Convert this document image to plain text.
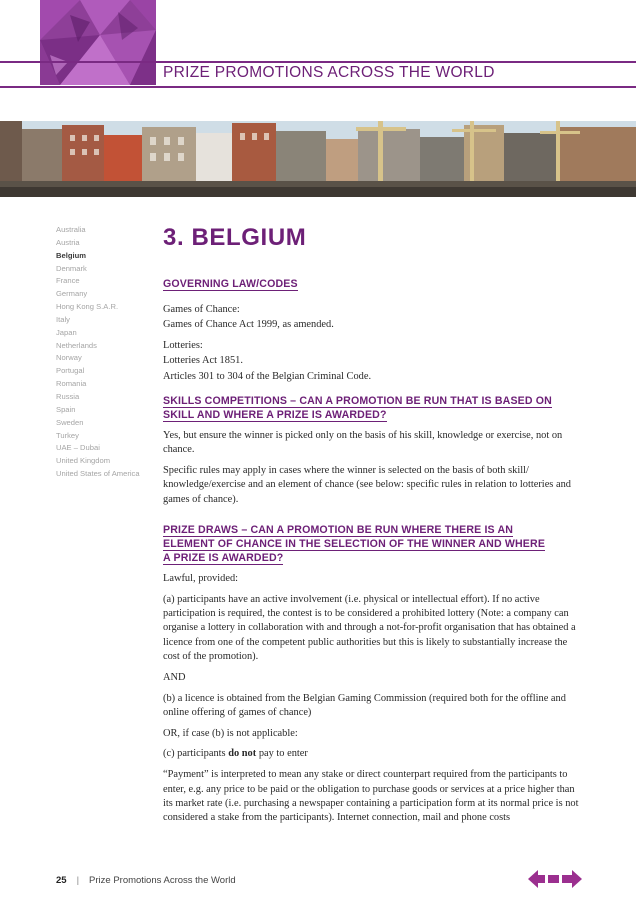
PRIZE PROMOTIONS ACROSS THE WORLD
Australia
Austria
Belgium
Denmark
France
Germany
Hong Kong S.A.R.
Italy
Japan
Netherlands
Norway
Portugal
Romania
Russia
Spain
Sweden
Turkey
UAE – Dubai
United Kingdom
United States of America
3. BELGIUM
GOVERNING LAW/CODES

Games of Chance:

Games of Chance Act 1999, as amended.

Lotteries:

Lotteries Act 1851.

Articles 301 to 304 of the Belgian Criminal Code.

SKILLS COMPETITIONS – CAN A PROMOTION BE RUN THAT IS BASED ON
SKILL AND WHERE A PRIZE IS AWARDED?

Yes, but ensure the winner is picked only on the basis of his skill, knowledge or exercise, not on chance.

Specific rules may apply in cases where the winner is selected on the basis of both skill/ knowledge/exercise and an element of chance (see below: specific rules in relation to lotteries and games of chance).

PRIZE DRAWS – CAN A PROMOTION BE RUN WHERE THERE IS AN
ELEMENT OF CHANCE IN THE SELECTION OF THE WINNER AND WHERE
A PRIZE IS AWARDED?

Lawful, provided:

(a) participants have an active involvement (i.e. physical or intellectual effort). If no active participation is required, the contest is to be considered a prohibited lottery (Note: a company can organise a lottery in collaboration with and through a not-for-profit organisation that has obtained a licence from one of the competent public authorities but this is likely to substantially increase the cost of the promotion).

AND

(b) a licence is obtained from the Belgian Gaming Commission (required both for the offline and online offering of games of chance)

OR, if case (b) is not applicable:

(c) participants do not pay to enter

“Payment” is interpreted to mean any stake or direct counterpart required from the participants to enter, e.g. any price to be paid or the obligation to purchase goods or services at a price higher than its market rate (i.e. purchasing a newspaper containing a participation form at its normal price is not considered a stake from the participants). Internet connection, mail and phone costs

25 | Prize Promotions Across the World
